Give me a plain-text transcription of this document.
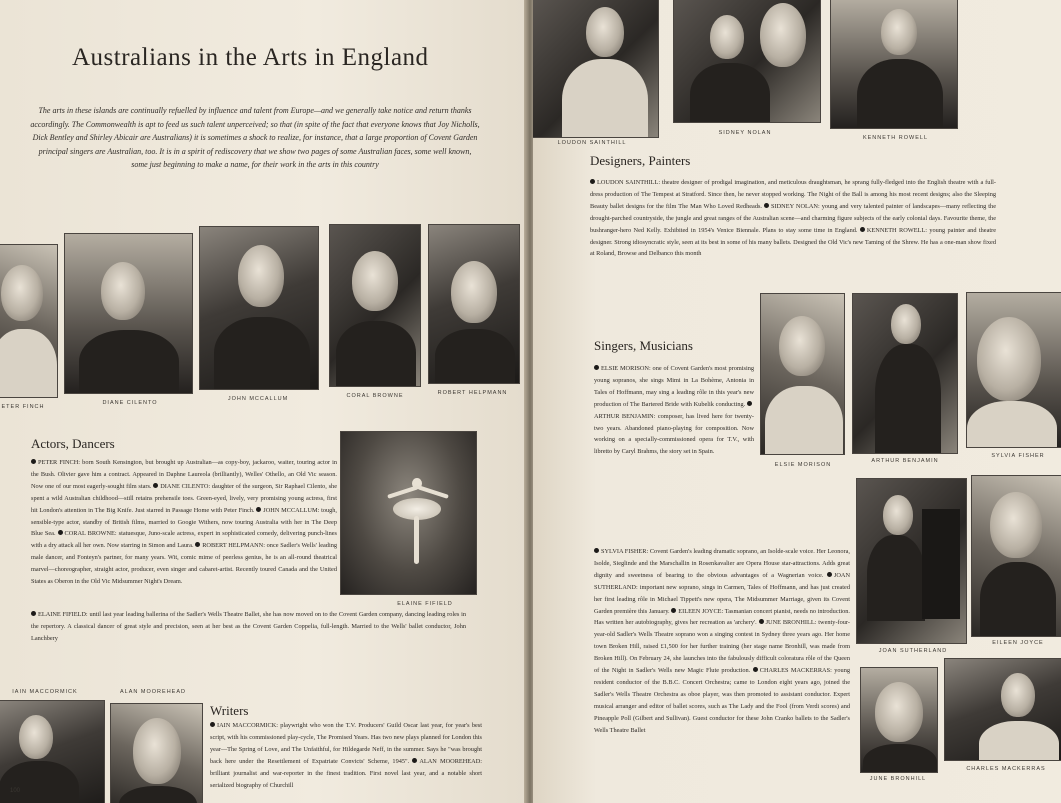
Australians in the Arts in England
The arts in these islands are continually refuelled by influence and talent from Europe—and we generally take notice and return thanks accordingly. The Commonwealth is apt to feed us such talent unperceived; so that (in spite of the fact that everyone knows that Joy Nicholls, Dick Bentley and Shirley Abicair are Australians) it is sometimes a shock to realize, for instance, that a large proportion of Covent Garden principal singers are Australian, too. It is in a spirit of rediscovery that we show two pages of some Australian faces, some well known, some just beginning to make a name, for their work in the arts in this country
ETER FINCH
DIANE CILENTO
JOHN MCCALLUM	CORAL BROWNE	ROBERT HELPMANN
Actors, Dancers
PETER FINCH: born South Kensington, but brought up Australian—as copy-boy, jackaroo, waiter, touring actor in the Bush. Olivier gave him a contract. Appeared in Daphne Laureola (brilliantly), Welles' Othello, an Old Vic season. Now one of our most eagerly-sought film stars. DIANE CILENTO: daughter of the surgeon, Sir Raphael Cilento, she spent a wild Australian childhood—still retains prehensile toes. Green-eyed, lively, very promising young actress, first hit London's attention in The Big Knife. Just starred in Passage Home with Peter Finch. JOHN MCCALLUM: tough, sensible-type actor, standby of British films, married to Googie Withers, now touring Australia with her in The Deep Blue Sea. CORAL BROWNE: statuesque, Juno-scale actress, expert in sophisticated comedy, delivering punch-lines with a dry attack all her own. Now starring in Simon and Laura. ROBERT HELPMANN: once Sadler's Wells' leading male dancer, and Fonteyn's partner, for many years. Wit, comic mime of peerless genius, he is an all-round theatrical marvel—choreographer, straight actor, producer, even singer and cabaret-artist. Recently toured Canada and the United States as Oberon in the Old Vic Midsummer Night's Dream.
ELAINE FIFIELD: until last year leading ballerina of the Sadler's Wells Theatre Ballet, she has now moved on to the Covent Garden company, dancing leading roles in the repertory. A classical dancer of great style and precision, seen at her best as the Covent Garden Coppelia, full-length. Married to the Wells' ballet conductor, John Lanchbery
ELAINE FIFIELD
IAIN MACCORMICK	ALAN MOOREHEAD
Writers
IAIN MACCORMICK: playwright who won the T.V. Producers' Guild Oscar last year, for year's best script, with his commissioned play-cycle, The Promised Years. Has two new plays planned for London this year—The Spring of Love, and The Unfaithful, for Hildegarde Neff, in the summer. Says he "was brought back here under the Resettlement of Expatriate Convicts' Scheme, 1945". ALAN MOOREHEAD: brilliant journalist and war-reporter in the finest tradition. First novel last year, and a notable short serialized biography of Churchill
100
LOUDON SAINTHILL
SIDNEY NOLAN
KENNETH ROWELL
Designers, Painters
LOUDON SAINTHILL: theatre designer of prodigal imagination, and meticulous draughtsman, he sprang fully-fledged into the English theatre with a full-dress production of The Tempest at Stratford. Since then, he never stopped working. The Night of the Ball is among his most recent designs; also the Sleeping Beauty ballet designs for the film The Man Who Loved Redheads. SIDNEY NOLAN: young and very talented painter of landscapes—many reflecting the drought-parched countryside, the jungle and great ranges of the Australian scene—and charming figure subjects of the early colonial days. Favourite theme, the bushranger-hero Ned Kelly. Exhibited in 1954's Venice Biennale. Plans to stay some time in England. KENNETH ROWELL: young painter and theatre designer. Strong idiosyncratic style, seen at its best in some of his many ballets. Designed the Old Vic's new Taming of the Shrew. He has a one-man show fixed at Roland, Browse and Delbanco this month
ELSIE MORISON
ARTHUR BENJAMIN
SYLVIA FISHER
JOAN SUTHERLAND
EILEEN JOYCE
JUNE BRONHILL
CHARLES MACKERRAS
Singers, Musicians
ELSIE MORISON: one of Covent Garden's most promising young sopranos, she sings Mimi in La Bohème, Antonia in Tales of Hoffmann, may sing a leading rôle in this year's new production of The Bartered Bride with Kubelik conducting. ARTHUR BENJAMIN: composer, has lived here for twenty-two years. Abandoned piano-playing for composition. Now working on a specially-commissioned opera for T.V., with libretto by Caryl Brahms, the story set in Spain.
SYLVIA FISHER: Covent Garden's leading dramatic soprano, an Isolde-scale voice. Her Leonora, Isolde, Sieglinde and the Marschallin in Rosenkavalier are Opera House star-attractions. Adds great dignity and sweetness of bearing to the obvious advantages of a Wagnerian voice. JOAN SUTHERLAND: important new soprano, sings in Carmen, Tales of Hoffmann, and has just created her first leading rôle in Michael Tippett's new opera, The Midsummer Marriage, given its Covent Garden première this January. EILEEN JOYCE: Tasmanian concert pianist, needs no introduction. Has written her autobiography, gives her recreation as 'archery'. JUNE BRONHILL: twenty-four-year-old Sadler's Wells Theatre soprano won a singing contest in Sydney three years ago. Her home town Broken Hill, raised £1,500 for her further training (her stage name Bronhill, was made from Broken Hill). On February 24, she launches into the fabulously difficult coloratura rôle of the Queen of the Night in Sadler's Wells new Magic Flute production. CHARLES MACKERRAS: young resident conductor of the B.B.C. Concert Orchestra; came to London eight years ago, joined the Sadler's Wells Theatre Orchestra as oboe player, was then promoted to assistant conductor. Expert musical arranger and editor of ballet scores, such as The Lady and the Fool (from Verdi scores) and Pineapple Poll (Gilbert and Sullivan). Guest conductor for these John Cranko ballets to the Sadler's Wells Theatre Ballet
